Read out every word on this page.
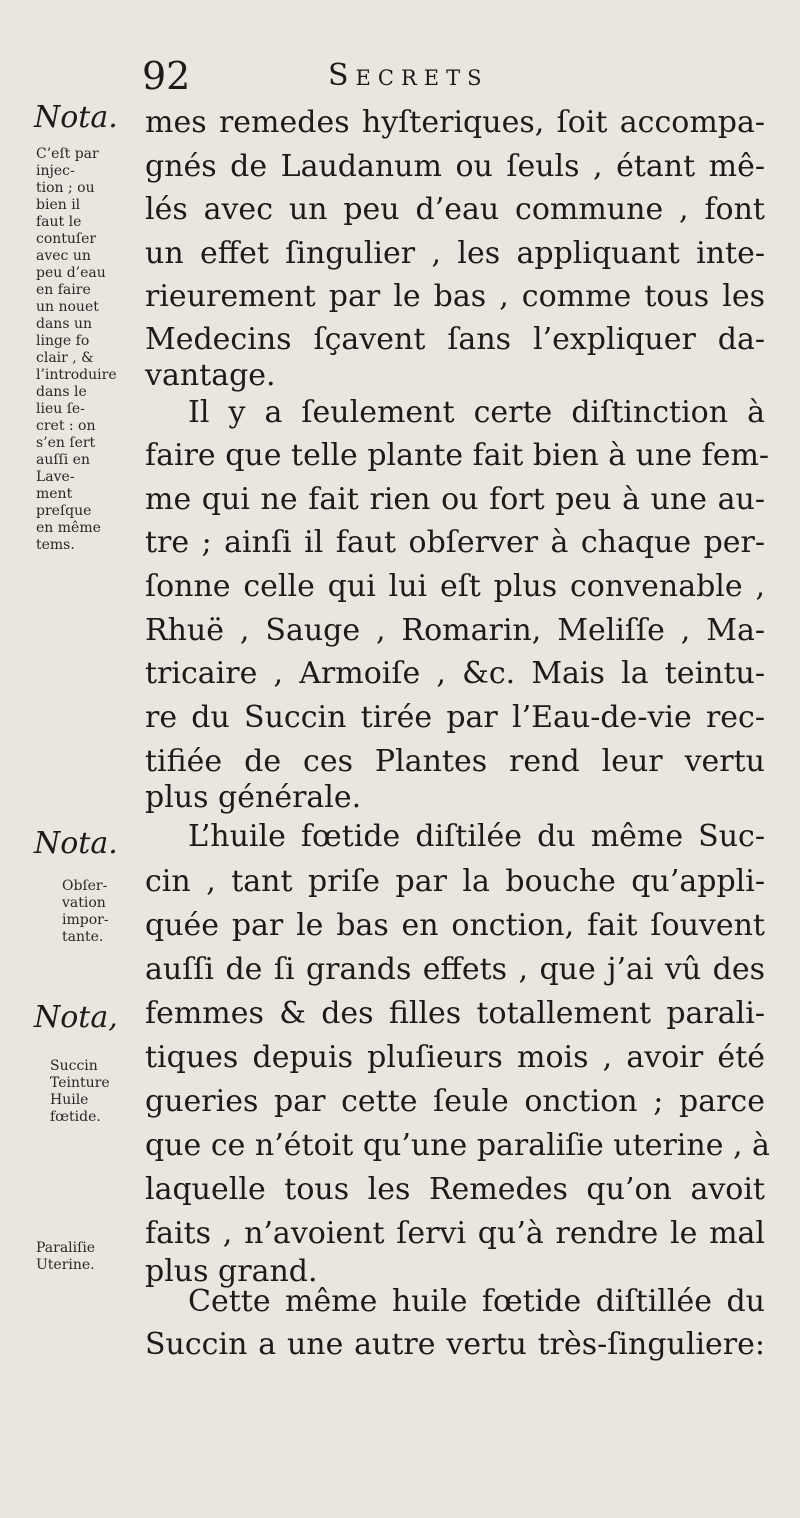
92	Secrets
Nota.
Nota.
Nota,
C’eſt par
injec-
tion ; ou
bien il
faut le
contuſer
avec un
peu d’eau
en faire
un nouet
dans un
linge fo
clair , &
l’introduire
dans le
lieu ſe-
cret : on
s’en ſert
auſſi en
Lave-
ment
preſque
en même
tems.
Obſer-
vation
impor-
tante.
Succin
Teinture
Huile
fœtide.
Paraliſie
Uterine.
mes remedes hyſteriques, ſoit accompa-
gnés de Laudanum ou ſeuls , étant mê-
lés avec un peu d’eau commune , font
un effet ſingulier , les appliquant inte-
rieurement par le bas , comme tous les
Medecins ſçavent ſans l’expliquer da-
vantage.
Il y a ſeulement certe diſtinction à
faire que telle plante fait bien à une fem-
me qui ne fait rien ou fort peu à une au-
tre ; ainſi il faut obſerver à chaque per-
ſonne celle qui lui eſt plus convenable ,
Rhuë , Sauge , Romarin, Meliſſe , Ma-
tricaire , Armoiſe , &c. Mais la teintu-
re du Succin tirée par l’Eau-de-vie rec-
tifiée de ces Plantes rend leur vertu
plus générale.
L’huile fœtide diſtilée du même Suc-
cin , tant priſe par la bouche qu’appli-
quée par le bas en onction, fait ſouvent
auſſi de ſi grands effets , que j’ai vû des
femmes & des filles totallement parali-
tiques depuis pluſieurs mois , avoir été
gueries par cette ſeule onction ; parce
que ce n’étoit qu’une paraliſie uterine , à
laquelle tous les Remedes qu’on avoit
faits , n’avoient ſervi qu’à rendre le mal
plus grand.
Cette même huile fœtide diſtillée du
Succin a une autre vertu très-ſinguliere:
